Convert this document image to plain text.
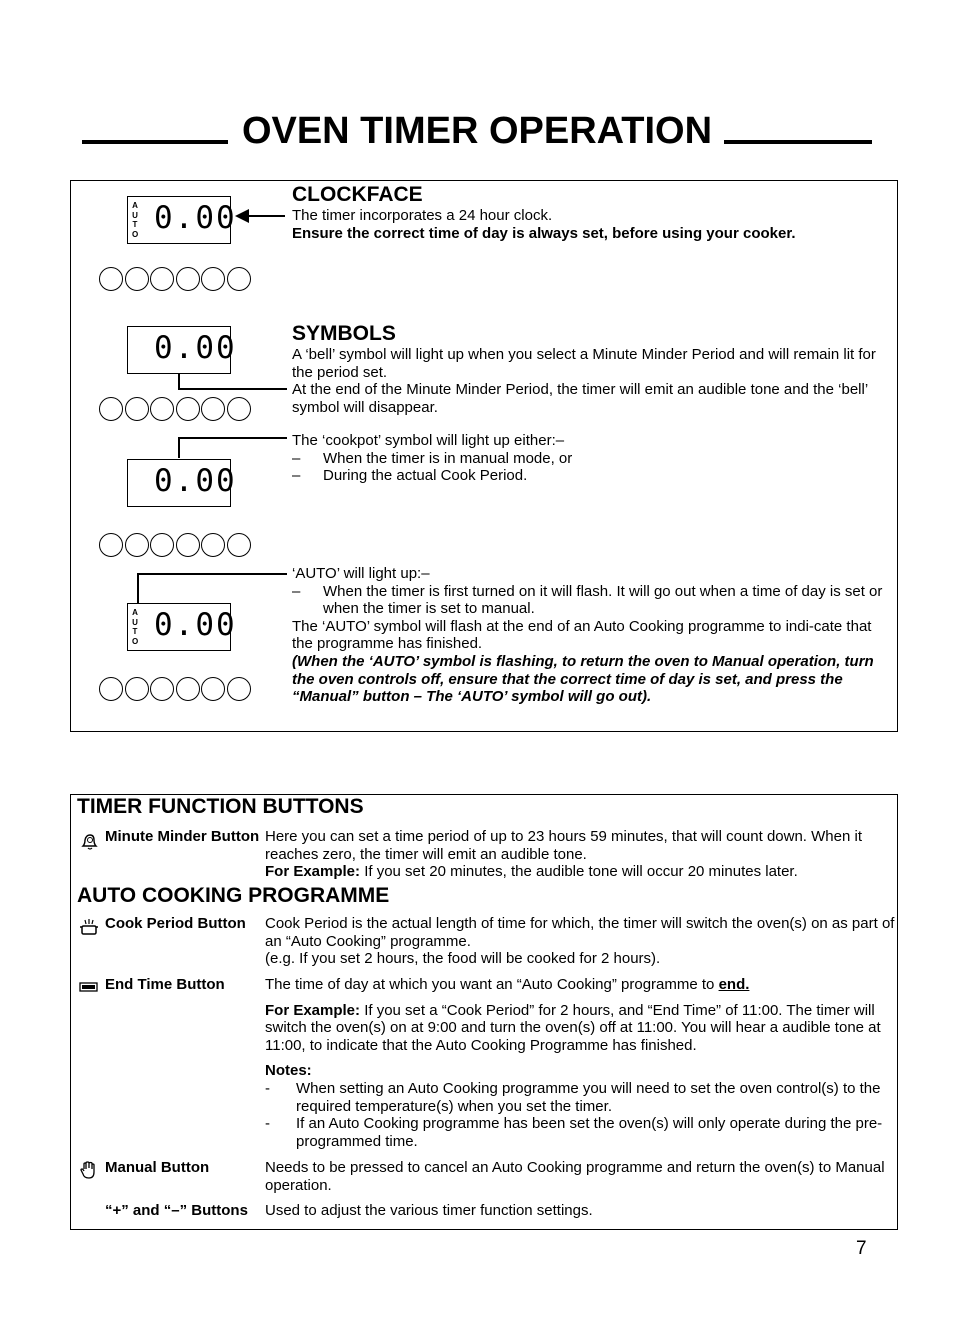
OVEN TIMER OPERATION
A
U
T
O 0.00
CLOCKFACE
The timer incorporates a 24 hour clock.
Ensure the correct time of day is always set, before using your cooker.
0.00	SYMBOLS
A ‘bell’ symbol will light up when you select a Minute Minder Period and will remain lit for the period set.
At the end of the Minute Minder Period, the timer will emit an audible tone and the ‘bell’ symbol will disappear.
0.00
The ‘cookpot’ symbol will light up either:–
–	When the timer is in manual mode, or
–	During the actual Cook Period.
A
U
T
O 0.00
‘AUTO’ will light up:–
–	When the timer is first turned on it will flash. It will go out when a time of day is set or when the timer is set to manual.
The ‘AUTO’ symbol will flash at the end of an Auto Cooking programme to indi-cate that the programme has finished.
(When the ‘AUTO’ symbol is flashing, to return the oven to Manual operation, turn the oven controls off, ensure that the correct time of day is set, and press the “Manual” button – The ‘AUTO’ symbol will go out).
TIMER FUNCTION BUTTONS
Minute Minder Button Here you can set a time period of up to 23 hours 59 minutes, that will count down. When it reaches zero, the timer will emit an audible tone.
For Example: If you set 20 minutes, the audible tone will occur 20 minutes later.
AUTO COOKING PROGRAMME
Cook Period Button	Cook Period is the actual length of time for which, the timer will switch the oven(s) on as part of an “Auto Cooking” programme.
(e.g. If you set 2 hours, the food will be cooked for 2 hours).
End Time Button	The time of day at which you want an “Auto Cooking” programme to end.
For Example: If you set a “Cook Period” for 2 hours, and “End Time” of 11:00. The timer will switch the oven(s) on at 9:00 and turn the oven(s) off at 11:00. You will hear a audible tone at 11:00, to indicate that the Auto Cooking Programme has finished.
Notes:
-	When setting an Auto Cooking programme you will need to set the oven control(s) to the required temperature(s) when you set the timer.
-	If an Auto Cooking programme has been set the oven(s) will only operate during the pre-programmed time.
Manual Button	Needs to be pressed to cancel an Auto Cooking programme and return the oven(s) to Manual operation.
“+” and “–” Buttons	Used to adjust the various timer function settings.
7
